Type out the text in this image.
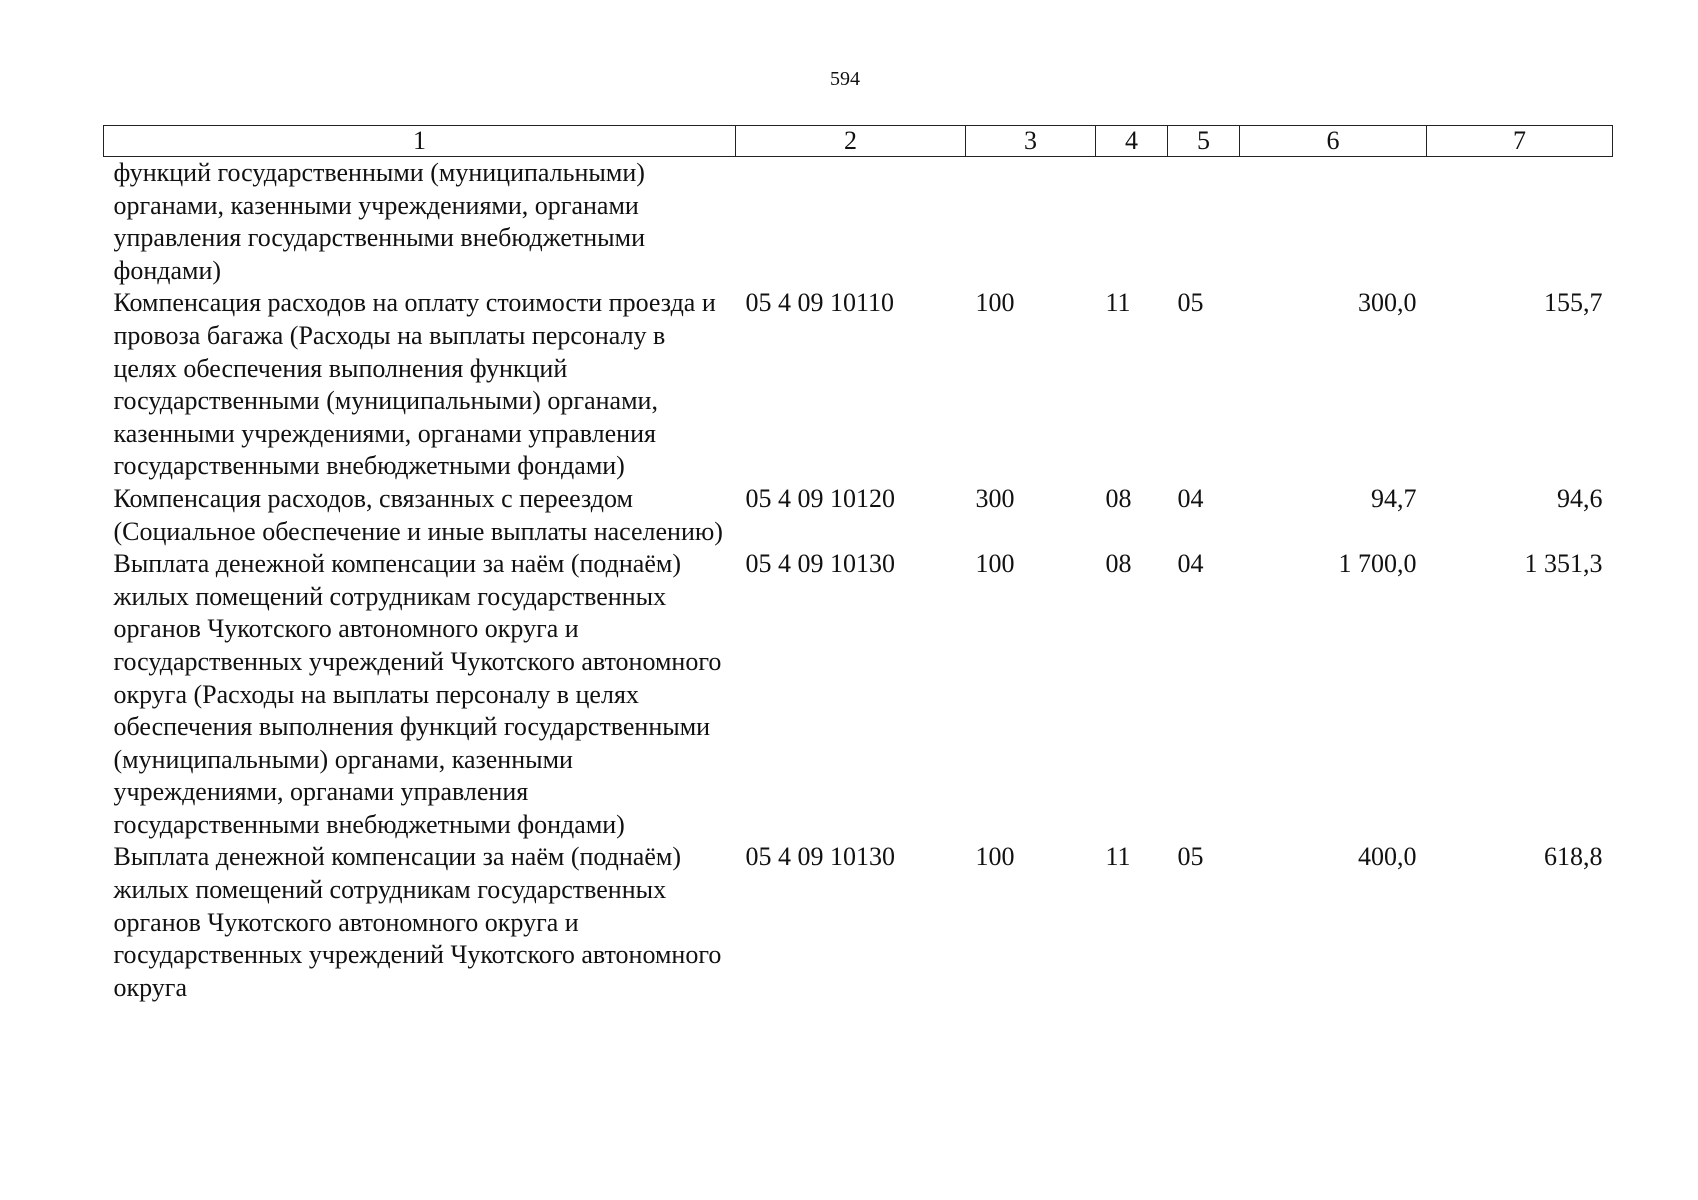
594
1	2	3	4	5	6	7
функций государственными (муниципальными) органами, казенными учреждениями, органами управления государственными внебюджетными фондами)						
Компенсация расходов на оплату стоимости проезда и провоза багажа (Расходы на выплаты персоналу в целях обеспечения выполнения функций государственными (муниципальными) органами, казенными учреждениями, органами управления государственными внебюджетными фондами)	05 4 09 10110	100	11	05	300,0	155,7
Компенсация расходов, связанных с переездом (Социальное обеспечение и иные выплаты населению)	05 4 09 10120	300	08	04	94,7	94,6
Выплата денежной компенсации за наём (поднаём) жилых помещений сотрудникам государственных органов Чукотского автономного округа и государственных учреждений Чукотского автономного округа (Расходы на выплаты персоналу в целях обеспечения выполнения функций государственными (муниципальными) органами, казенными учреждениями, органами управления государственными внебюджетными фондами)	05 4 09 10130	100	08	04	1 700,0	1 351,3
Выплата денежной компенсации за наём (поднаём) жилых помещений сотрудникам государственных органов Чукотского автономного округа и государственных учреждений Чукотского автономного округа	05 4 09 10130	100	11	05	400,0	618,8
